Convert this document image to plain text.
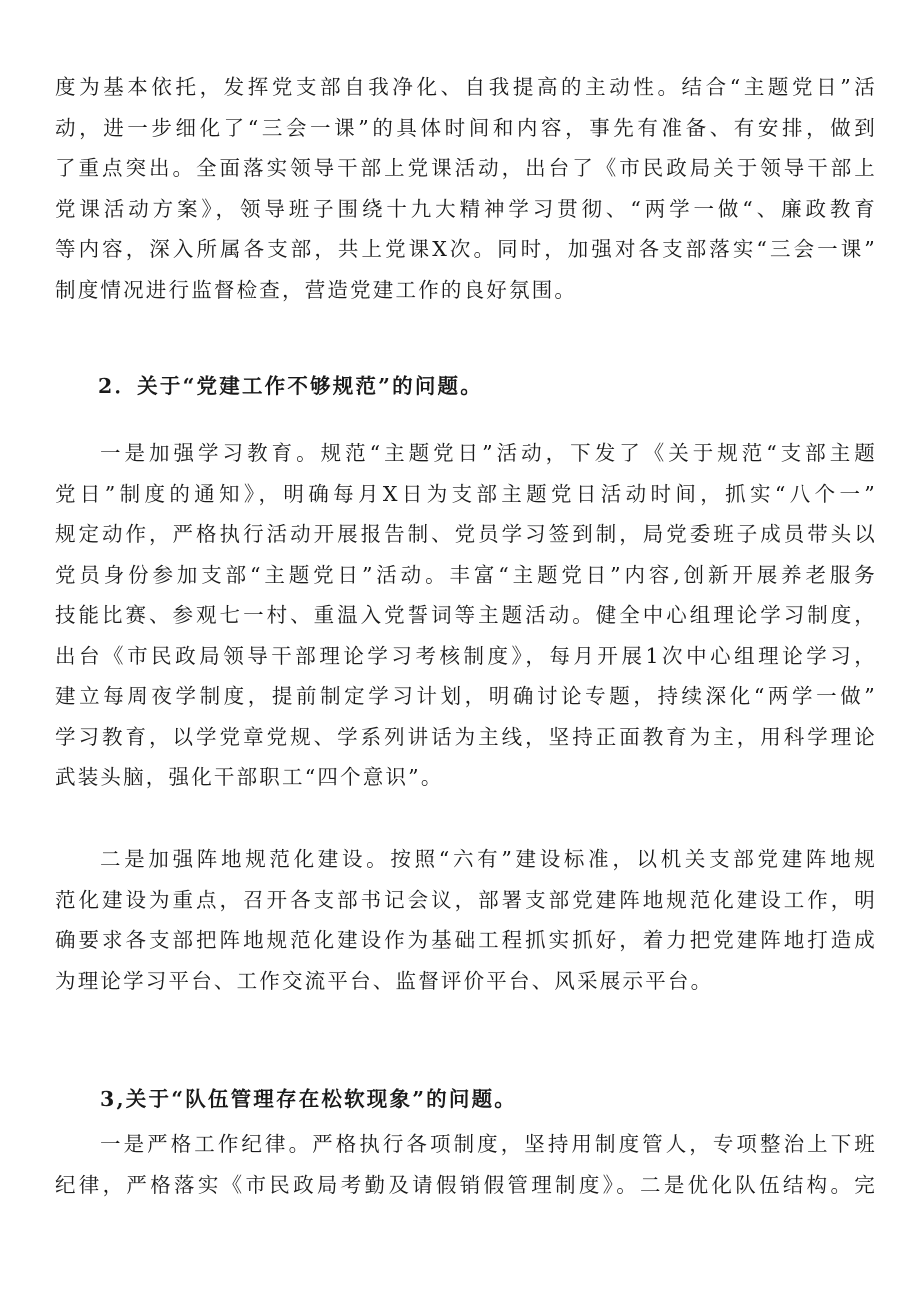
度为基本依托，发挥党支部自我净化、自我提高的主动性。结合“主题党日”活
动，进一步细化了“三会一课”的具体时间和内容，事先有准备、有安排，做到
了重点突出。全面落实领导干部上党课活动，出台了《市民政局关于领导干部上
党课活动方案》，领导班子围绕十九大精神学习贯彻、“两学一做“、廉政教育
等内容，深入所属各支部，共上党课X次。同时，加强对各支部落实“三会一课”
制度情况进行监督检查，营造党建工作的良好氛围。
2．关于“党建工作不够规范”的问题。
一是加强学习教育。规范“主题党日”活动，下发了《关于规范“支部主题
党日”制度的通知》，明确每月X日为支部主题党日活动时间，抓实“八个一”
规定动作，严格执行活动开展报告制、党员学习签到制，局党委班子成员带头以
党员身份参加支部“主题党日”活动。丰富“主题党日”内容,创新开展养老服务
技能比赛、参观七一村、重温入党誓词等主题活动。健全中心组理论学习制度，
出台《市民政局领导干部理论学习考核制度》，每月开展1次中心组理论学习，
建立每周夜学制度，提前制定学习计划，明确讨论专题，持续深化“两学一做”
学习教育，以学党章党规、学系列讲话为主线，坚持正面教育为主，用科学理论
武装头脑，强化干部职工“四个意识”。
二是加强阵地规范化建设。按照“六有”建设标准，以机关支部党建阵地规
范化建设为重点，召开各支部书记会议，部署支部党建阵地规范化建设工作，明
确要求各支部把阵地规范化建设作为基础工程抓实抓好，着力把党建阵地打造成
为理论学习平台、工作交流平台、监督评价平台、风采展示平台。
3,关于“队伍管理存在松软现象”的问题。
一是严格工作纪律。严格执行各项制度，坚持用制度管人，专项整治上下班
纪律，严格落实《市民政局考勤及请假销假管理制度》。二是优化队伍结构。完
